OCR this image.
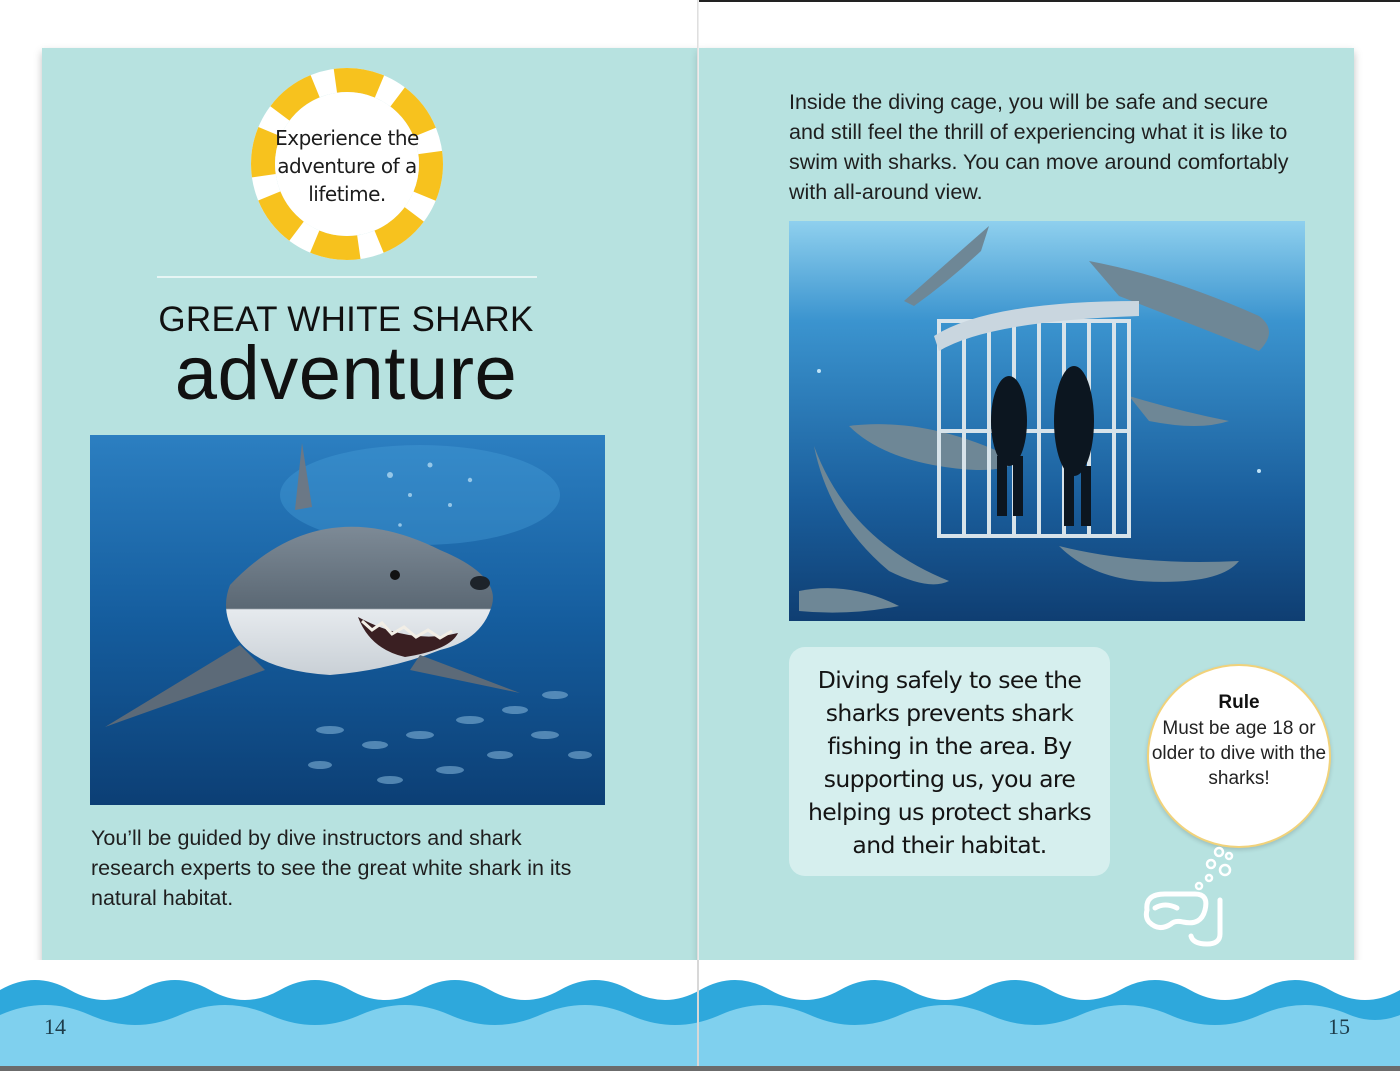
Experience the adventure of a lifetime.
GREAT WHITE SHARK
adventure
You’ll be guided by dive instructors and shark research experts to see the great white shark in its natural habitat.
Inside the diving cage, you will be safe and secure and still feel the thrill of experiencing what it is like to swim with sharks. You can move around comfortably with all-around view.
Diving safely to see the sharks prevents shark fishing in the area. By supporting us, you are helping us protect sharks and their habitat.
Rule
Must be age 18 or older to dive with the sharks!
14	15
